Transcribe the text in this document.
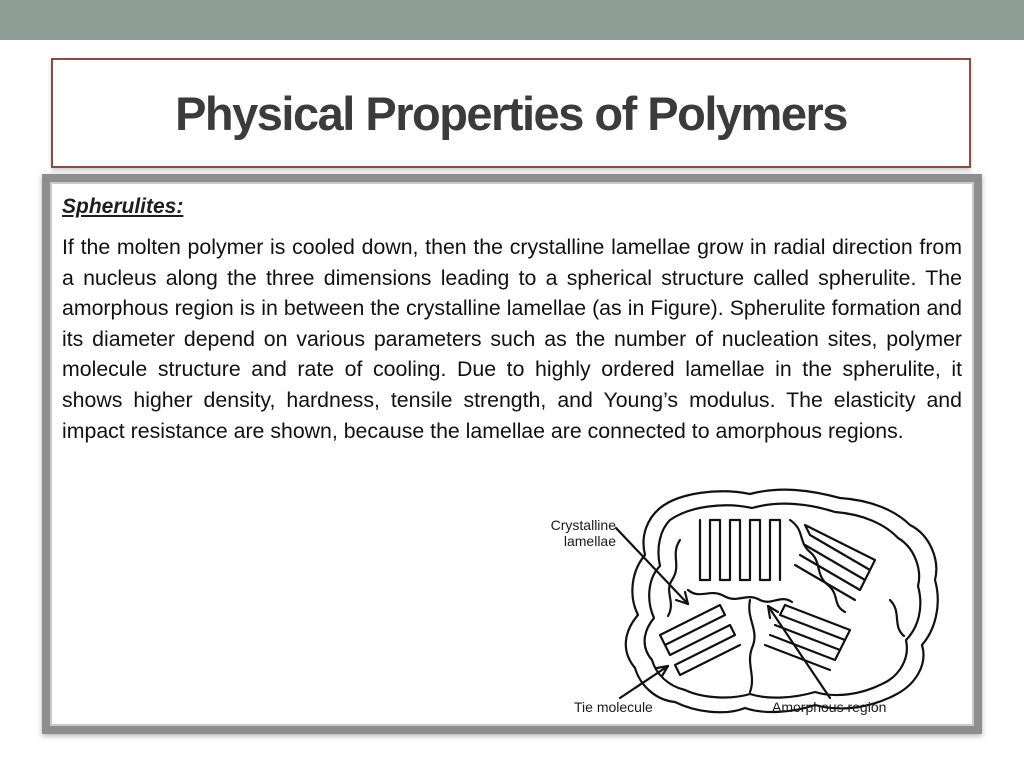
Physical Properties of Polymers

Spherulites:

If the molten polymer is cooled down, then the crystalline lamellae grow in radial direction from a nucleus along the three dimensions leading to a spherical structure called spherulite. The amorphous region is in between the crystalline lamellae (as in Figure). Spherulite formation and its diameter depend on various parameters such as the number of nucleation sites, polymer molecule structure and rate of cooling. Due to highly ordered lamellae in the spherulite, it shows higher density, hardness, tensile strength, and Young’s modulus. The elasticity and impact resistance are shown, because the lamellae are connected to amorphous regions.

Crystalline
lamellae
Tie molecule	Amorphous region
